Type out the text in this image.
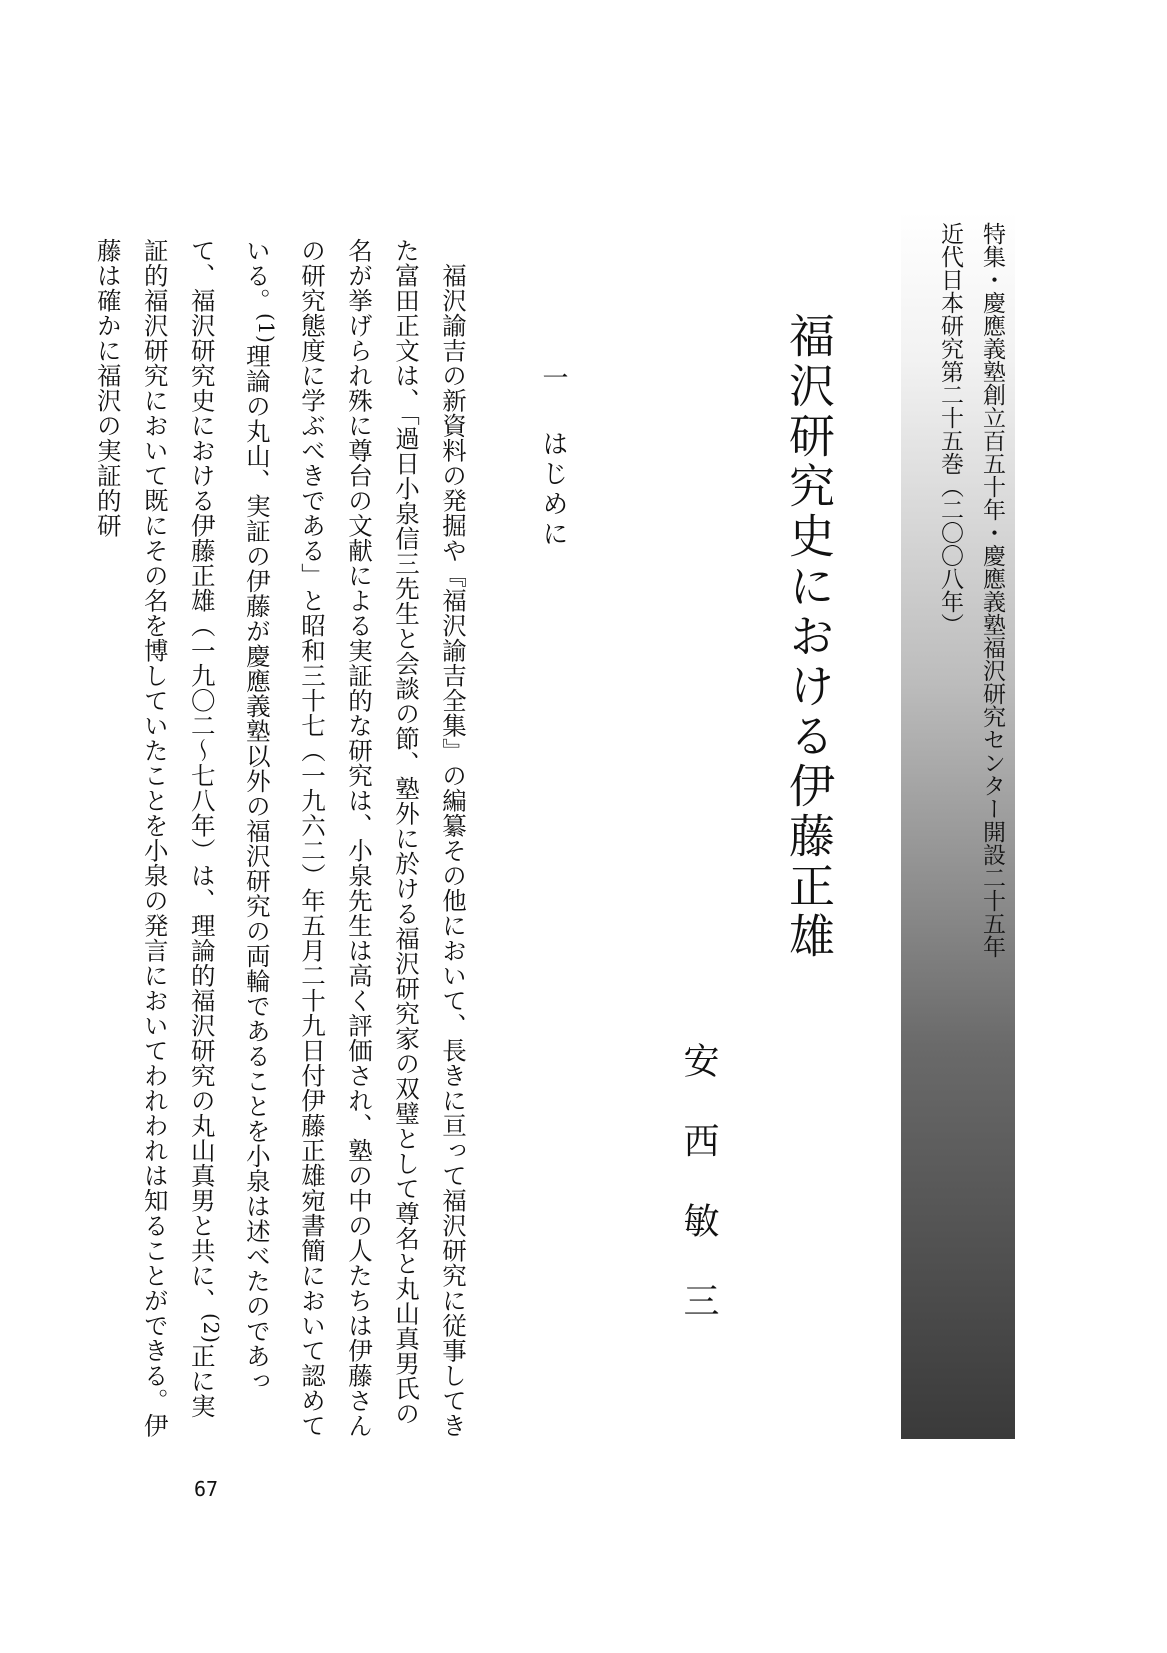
近代日本研究第二十五巻（二〇〇八年） 特集・慶應義塾創立百五十年・慶應義塾福沢研究センター開設二十五年
福沢研究史における伊藤正雄
安西敏三
一はじめに

福沢諭吉の新資料の発掘や『福沢諭吉全集』の編纂その他において、長きに亘って福沢研究に従事してきた富田正文は、「過日小泉信三先生と会談の節、塾外に於ける福沢研究家の双璧として尊名と丸山真男氏の名が挙げられ殊に尊台の文献による実証的な研究は、小泉先生は高く評価され、塾の中の人たちは伊藤さんの研究態度に学ぶべきである」と昭和三十七（一九六二）年五月二十九日付伊藤正雄宛書簡において認めている。$^{(1)}$理論の丸山、実証の伊藤が慶應義塾以外の福沢研究の両輪であることを小泉は述べたのであって、福沢研究史における伊藤正雄（一九〇二～七八年）は、理論的福沢研究の丸山真男と共に、$^{(2)}$正に実証的福沢研究において既にその名を博していたことを小泉の発言においてわれわれは知ることができる。伊藤は確かに福沢の実証的研

67
